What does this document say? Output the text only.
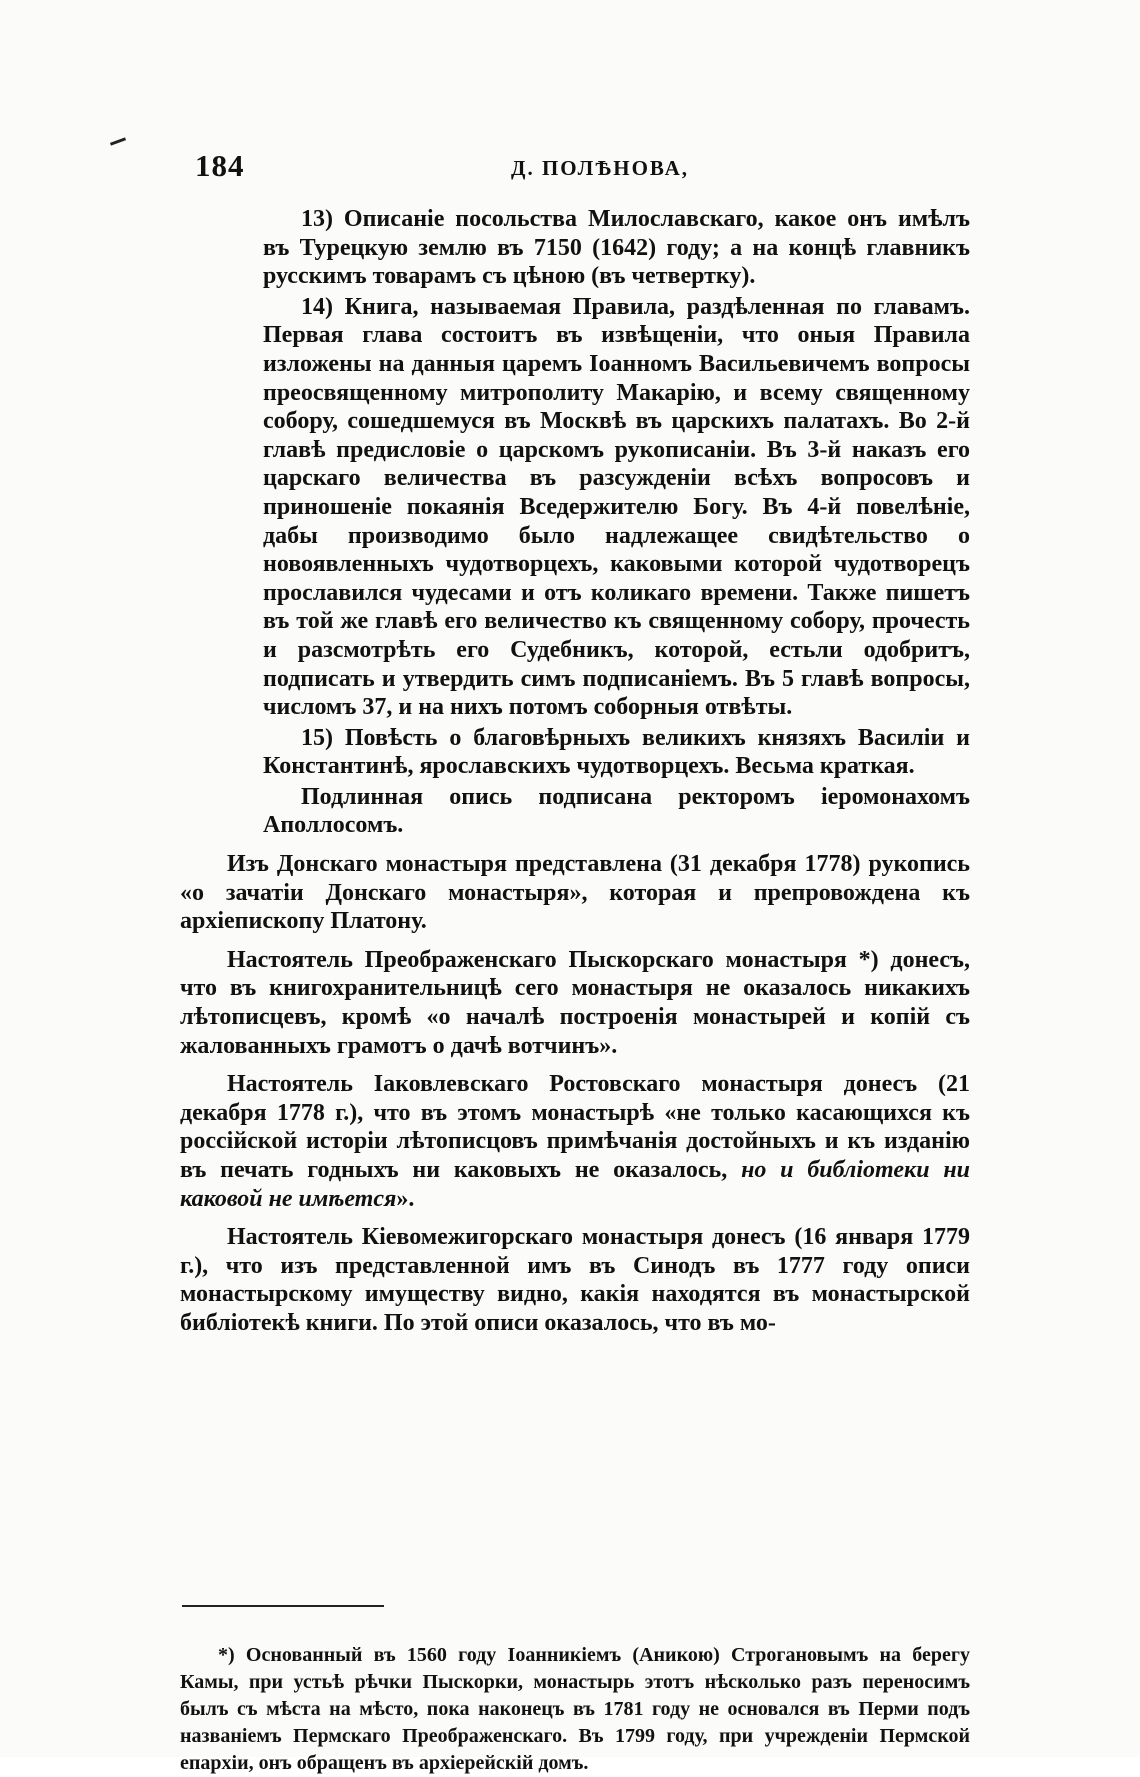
184	Д. ПОЛѢНОВА,

13) Описаніе посольства Милославскаго, какое онъ имѣлъ въ Турецкую землю въ 7150 (1642) году; а на концѣ главникъ русскимъ товарамъ съ цѣною (въ четвертку).

14) Книга, называемая Правила, раздѣленная по главамъ. Первая глава состоитъ въ извѣщеніи, что оныя Правила изложены на данныя царемъ Іоанномъ Васильевичемъ вопросы преосвященному митрополиту Макарію, и всему священному собору, сошедшемуся въ Москвѣ въ царскихъ палатахъ. Во 2-й главѣ предисловіе о царскомъ рукописаніи. Въ 3-й наказъ его царскаго величества въ разсужденіи всѣхъ вопросовъ и приношеніе покаянія Вседержителю Богу. Въ 4-й повелѣніе, дабы производимо было надлежащее свидѣтельство о новоявленныхъ чудотворцехъ, каковыми которой чудотворецъ прославился чудесами и отъ коликаго времени. Также пишетъ въ той же главѣ его величество къ священному собору, прочесть и разсмотрѣть его Судебникъ, которой, естьли одобритъ, подписать и утвердить симъ подписаніемъ. Въ 5 главѣ вопросы, числомъ 37, и на нихъ потомъ соборныя отвѣты.

15) Повѣсть о благовѣрныхъ великихъ князяхъ Василіи и Константинѣ, ярославскихъ чудотворцехъ. Весьма краткая.

Подлинная опись подписана ректоромъ іеромонахомъ Аполлосомъ.

Изъ Донскаго монастыря представлена (31 декабря 1778) рукопись «о зачатіи Донскаго монастыря», которая и препровождена къ архіепископу Платону.

Настоятель Преображенскаго Пыскорскаго монастыря *) донесъ, что въ книгохранительницѣ сего монастыря не оказалось никакихъ лѣтописцевъ, кромѣ «о началѣ построенія монастырей и копій съ жалованныхъ грамотъ о дачѣ вотчинъ».

Настоятель Іаковлевскаго Ростовскаго монастыря донесъ (21 декабря 1778 г.), что въ этомъ монастырѣ «не только касающихся къ россійской исторіи лѣтописцовъ примѣчанія достойныхъ и къ изданію въ печать годныхъ ни каковыхъ не оказалось, но и библіотеки ни каковой не имѣется».

Настоятель Кіевомежигорскаго монастыря донесъ (16 января 1779 г.), что изъ представленной имъ въ Синодъ въ 1777 году описи монастырскому имуществу видно, какія находятся въ монастырской библіотекѣ книги. По этой описи оказалось, что въ мо-

*) Основанный въ 1560 году Іоанникіемъ (Аникою) Строгановымъ на берегу Камы, при устьѣ рѣчки Пыскорки, монастырь этотъ нѣсколько разъ переносимъ былъ съ мѣста на мѣсто, пока наконецъ въ 1781 году не основался въ Перми подъ названіемъ Пермскаго Преображенскаго. Въ 1799 году, при учрежденіи Пермской епархіи, онъ обращенъ въ архіерейскій домъ.
